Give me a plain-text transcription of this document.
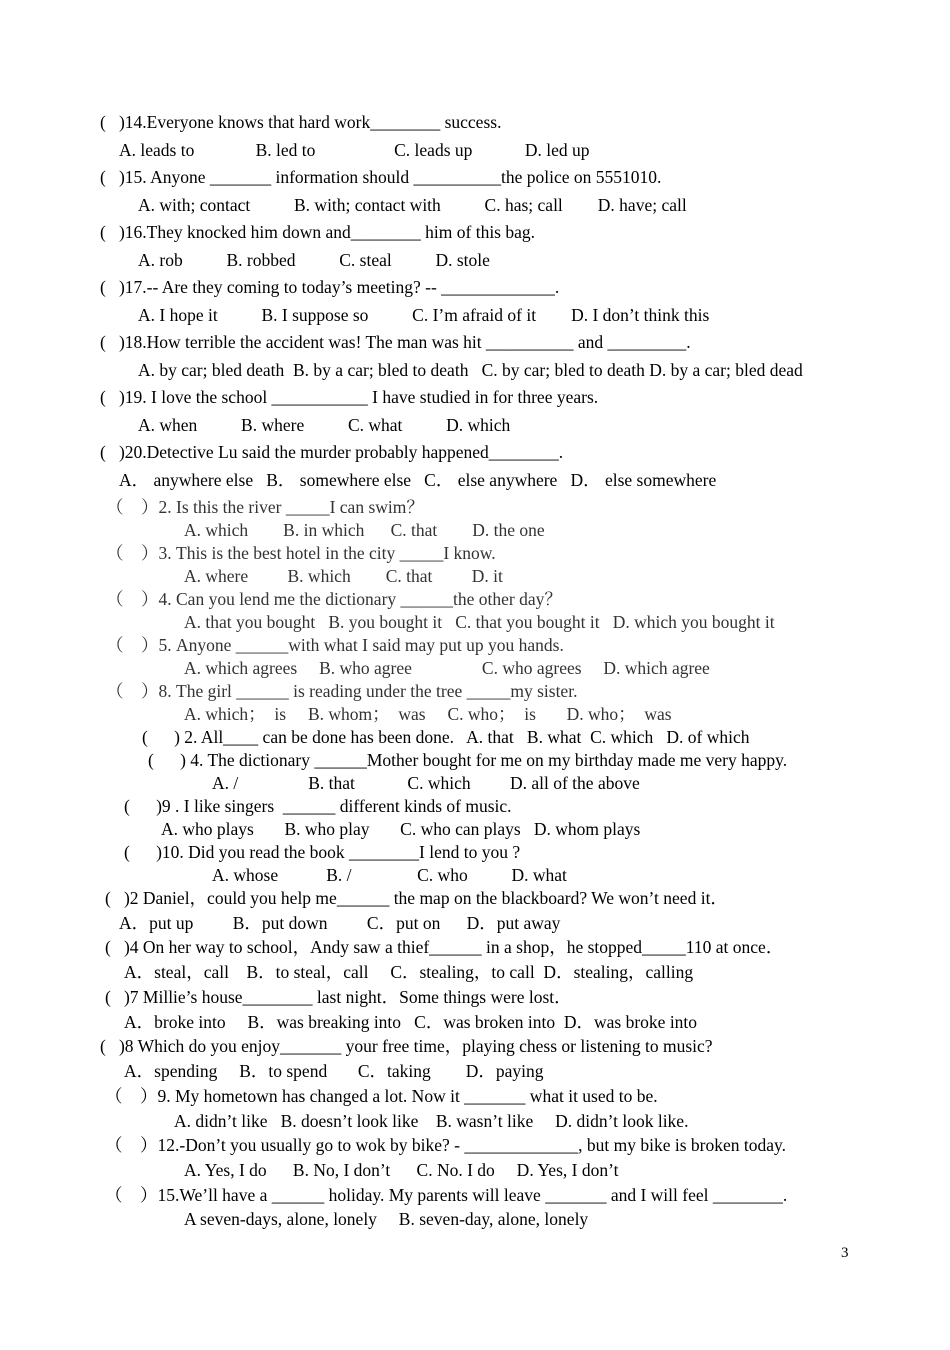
(   )14.Everyone knows that hard work________ success.
A. leads to              B. led to                  C. leads up            D. led up
(   )15. Anyone _______ information should __________the police on 5551010.
A. with; contact          B. with; contact with          C. has; call        D. have; call
(   )16.They knocked him down and________ him of this bag.
A. rob          B. robbed          C. steal          D. stole
(   )17.-- Are they coming to today’s meeting? -- _____________.
A. I hope it          B. I suppose so          C. I’m afraid of it        D. I don’t think this
(   )18.How terrible the accident was! The man was hit __________ and _________.
A. by car; bled death  B. by a car; bled to death   C. by car; bled to death D. by a car; bled dead
(   )19. I love the school ___________ I have studied in for three years.
A. when          B. where          C. what          D. which
(   )20.Detective Lu said the murder probably happened________.
A． anywhere else   B． somewhere else   C． else anywhere   D． else somewhere
（    ）2. Is this the river _____I can swim？
A. which        B. in which      C. that        D. the one
（    ）3. This is the best hotel in the city _____I know.
A. where         B. which        C. that         D. it
（    ）4. Can you lend me the dictionary ______the other day？
A. that you bought   B. you bought it   C. that you bought it   D. which you bought it
（    ）5. Anyone ______with what I said may put up you hands.
A. which agrees     B. who agree                C. who agrees     D. which agree
（    ）8. The girl ______ is reading under the tree _____my sister.
A. which；  is     B. whom；  was     C. who；  is       D. who；  was
(      ) 2. All____ can be done has been done.   A. that   B. what  C. which   D. of which
(      ) 4. The dictionary ______Mother bought for me on my birthday made me very happy.
A. /                B. that            C. which         D. all of the above
(      )9 . I like singers  ______ different kinds of music.
A. who plays       B. who play       C. who can plays   D. whom plays
(      )10. Did you read the book ________I lend to you ?
A. whose           B. /               C. who          D. what
(   )2 Daniel，could you help me______ the map on the blackboard? We won’t need it．
A．put up         B．put down         C．put on      D．put away
(   )4 On her way to school，Andy saw a thief______ in a shop，he stopped_____110 at once．
A．steal，call    B．to steal，call     C．stealing，to call  D．stealing，calling
(   )7 Millie’s house________ last night．Some things were lost．
A．broke into     B．was breaking into   C．was broken into  D．was broke into
(   )8 Which do you enjoy_______ your free time，playing chess or listening to music?
A．spending     B．to spend       C．taking        D．paying
（    ）9. My hometown has changed a lot. Now it _______ what it used to be.
A. didn’t like   B. doesn’t look like    B. wasn’t like     D. didn’t look like.
（    ）12.-Don’t you usually go to wok by bike? - _____________, but my bike is broken today.
A. Yes, I do      B. No, I don’t      C. No. I do     D. Yes, I don’t
（    ）15.We’ll have a ______ holiday. My parents will leave _______ and I will feel ________.
A seven-days, alone, lonely     B. seven-day, alone, lonely
3
